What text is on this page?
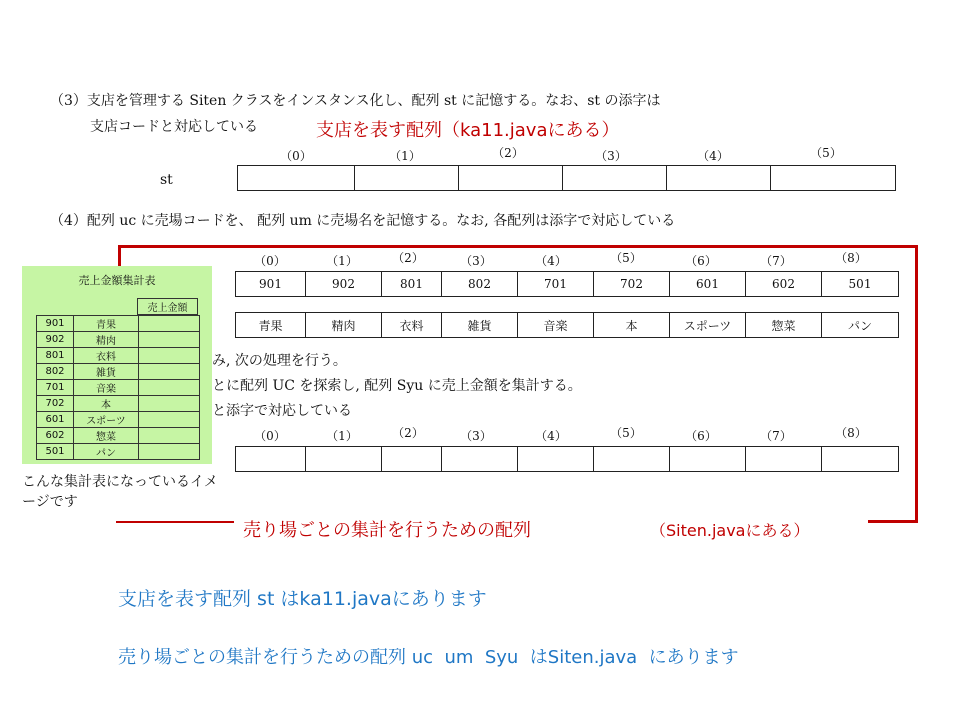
（3）支店を管理する Siten クラスをインスタンス化し、配列 st に記憶する。なお、st の添字は
支店コードと対応している	支店を表す配列（ka11.javaにある）
（0）	（1）	（2）	（3）	（4）	（5）
st

（4）配列 uc に売場コードを、 配列 um に売場名を記憶する。なお, 各配列は添字で対応している
（0）	（1）	（2）	（3）	（4）	（5）	（6）	（7）	（8）
901	902	801	802	701	702	601	602	501
青果	精肉	衣料	雑貨	音楽	本	スポーツ	惣菜	パン
み, 次の処理を行う。
とに配列 UC を探索し, 配列 Syu に売上金額を集計する。
と添字で対応している
（0）	（1）	（2）	（3）	（4）	（5）	（6）	（7）	（8）

売上金額集計表
売上金額
901	青果	
902	精肉	
801	衣料	
802	雑貨	
701	音楽	
702	本	
601	スポーツ	
602	惣菜	
501	パン	
こんな集計表になっているイメージです
売り場ごとの集計を行うための配列	（Siten.javaにある）
支店を表す配列 st はka11.javaにあります
売り場ごとの集計を行うための配列 uc  um  Syu  はSiten.java  にあります
